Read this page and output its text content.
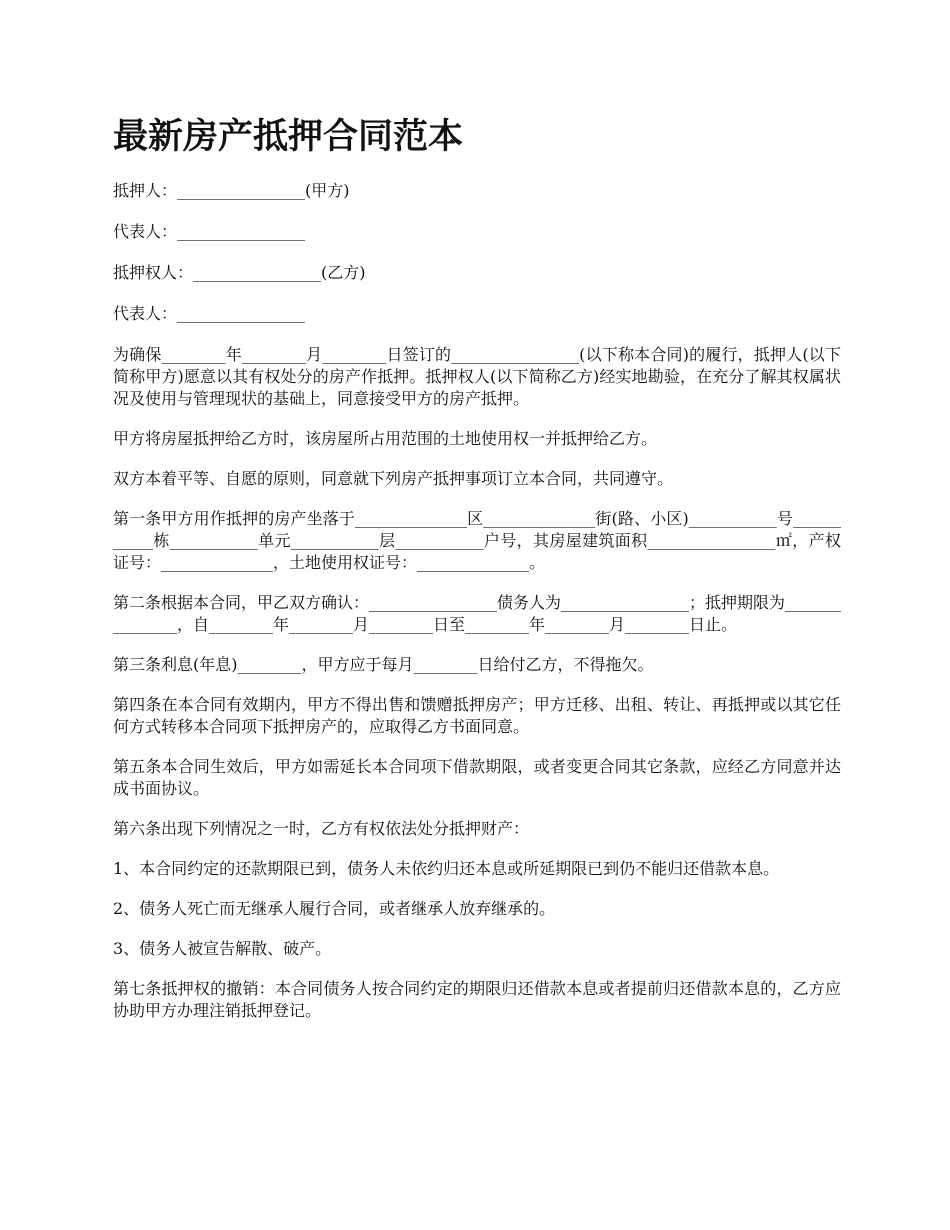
最新房产抵押合同范本

抵押人：________________(甲方)

代表人：________________

抵押权人：________________(乙方)

代表人：________________

为确保________年________月________日签订的________________(以下称本合同)的履行，抵押人(以下简称甲方)愿意以其有权处分的房产作抵押。抵押权人(以下简称乙方)经实地勘验，在充分了解其权属状况及使用与管理现状的基础上，同意接受甲方的房产抵押。

甲方将房屋抵押给乙方时，该房屋所占用范围的土地使用权一并抵押给乙方。

双方本着平等、自愿的原则，同意就下列房产抵押事项订立本合同，共同遵守。

第一条甲方用作抵押的房产坐落于______________区______________街(路、小区)___________号___________栋___________单元___________层___________户号，其房屋建筑面积________________㎡，产权证号：______________，土地使用权证号：______________。

第二条根据本合同，甲乙双方确认：________________债务人为________________；抵押期限为_______________，自________年________月________日至________年________月________日止。

第三条利息(年息)________，甲方应于每月________日给付乙方，不得拖欠。

第四条在本合同有效期内，甲方不得出售和馈赠抵押房产；甲方迁移、出租、转让、再抵押或以其它任何方式转移本合同项下抵押房产的，应取得乙方书面同意。

第五条本合同生效后，甲方如需延长本合同项下借款期限，或者变更合同其它条款，应经乙方同意并达成书面协议。

第六条出现下列情况之一时，乙方有权依法处分抵押财产：

1、本合同约定的还款期限已到，债务人未依约归还本息或所延期限已到仍不能归还借款本息。

2、债务人死亡而无继承人履行合同，或者继承人放弃继承的。

3、债务人被宣告解散、破产。

第七条抵押权的撤销：本合同债务人按合同约定的期限归还借款本息或者提前归还借款本息的，乙方应协助甲方办理注销抵押登记。
